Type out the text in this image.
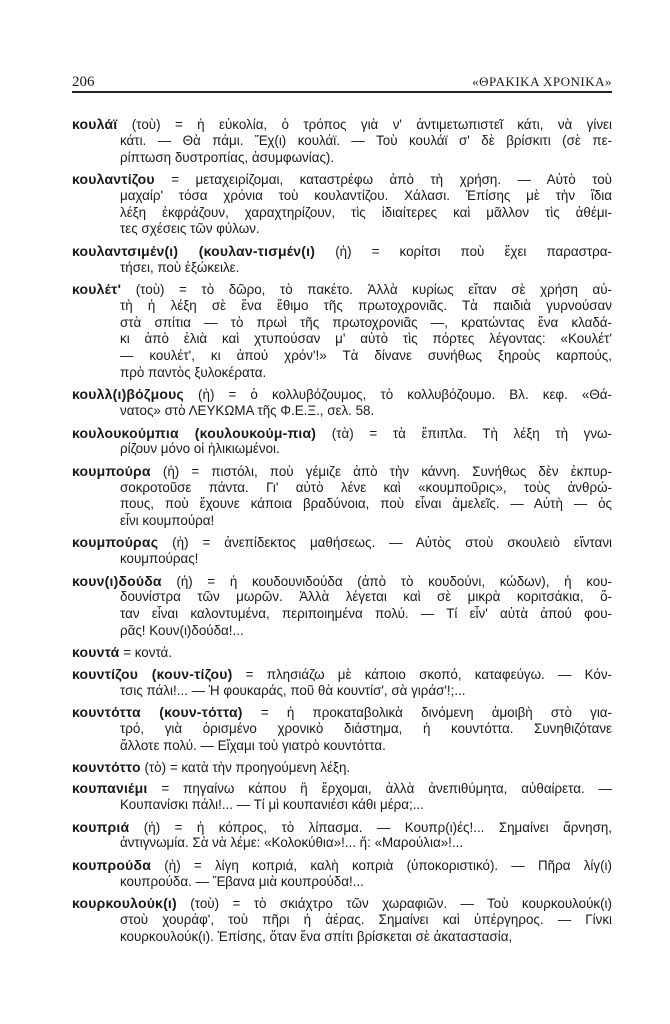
206	«ΘΡΑΚΙΚΑ ΧΡΟΝΙΚΑ»
κουλάϊ (τοὺ) = ἡ εὐκολία, ὁ τρόπος γιὰ ν' ἀντιμετωπιστεῖ κάτι, νὰ γίνει
κάτι. — Θὰ πάμι. Ἔχ(ι) κουλάϊ. — Τοὺ κουλάϊ σ' δὲ βρίσκιτι (σὲ πε-
ρίπτωση δυστροπίας, ἀσυμφωνίας).
κουλαντίζου = μεταχειρίζομαι, καταστρέφω ἀπὸ τὴ χρήση. — Αὐτὸ τοὺ
μαχαίρ' τόσα χρόνια τοὺ κουλαντίζου. Χάλασι. Ἐπίσης μὲ τὴν ἴδια
λέξη ἐκφράζουν, χαραχτηρίζουν, τὶς ἰδιαίτερες καὶ μᾶλλον τὶς ἀθέμι-
τες σχέσεις τῶν φύλων.
κουλαντσιμέν(ι) (κουλαν-τισμέν(ι) (ἡ) = κορίτσι ποὺ ἔχει παραστρα-
τήσει, ποὺ ἐξώκειλε.
κουλέτ' (τοὺ) = τὸ δῶρο, τὸ πακέτο. Ἀλλὰ κυρίως εἴταν σὲ χρήση αὐ-
τὴ ἡ λέξη σὲ ἕνα ἔθιμο τῆς πρωτοχρονιᾶς. Τὰ παιδιὰ γυρνούσαν
στὰ σπίτια — τὸ πρωὶ τῆς πρωτοχρονιᾶς —, κρατώντας ἕνα κλαδά-
κι ἀπὸ ἐλιὰ καὶ χτυπούσαν μ' αὐτὸ τὶς πόρτες λέγοντας: «Κουλέτ'
— κουλέτ', κι ἀπού χρόν'!» Τὰ δίνανε συνήθως ξηροὺς καρπούς,
πρὸ παντὸς ξυλοκέρατα.
κουλλ(ι)βόζμους (ἡ) = ὁ κολλυβόζουμος, τὸ κολλυβόζουμο. Βλ. κεφ. «Θά-
νατος» στὸ ΛΕΥΚΩΜΑ τῆς Φ.Ε.Ξ., σελ. 58.
κουλουκούμπια (κουλουκούμ-πια) (τὰ) = τὰ ἔπιπλα. Τὴ λέξη τὴ γνω-
ρίζουν μόνο οἱ ἡλικιωμένοι.
κουμπούρα (ἡ) = πιστόλι, ποὺ γέμιζε ἀπὸ τὴν κάννη. Συνήθως δὲν ἐκπυρ-
σοκροτοῦσε πάντα. Γι' αὐτὸ λένε καὶ «κουμποῦρις», τοὺς ἀνθρώ-
πους, ποὺ ἔχουνε κάποια βραδύνοια, ποὺ εἶναι ἀμελεῖς. — Αὐτὴ — ὀς
εἶνι κουμπούρα!
κουμπούρας (ἡ) = ἀνεπίδεκτος μαθήσεως. — Αὐτὸς στοὺ σκουλειὸ εἴντανι
κουμπούρας!
κουν(ι)δούδα (ἡ) = ἡ κουδουνιδούδα (ἀπὸ τὸ κουδούνι, κώδων), ἡ κου-
δουνίστρα τῶν μωρῶν. Ἀλλὰ λέγεται καὶ σὲ μικρὰ κοριτσάκια, ὅ-
ταν εἶναι καλοντυμένα, περιποιημένα πολύ. — Τί εἶν' αὐτὰ ἀπού φου-
ρᾶς! Κουν(ι)δούδα!...
κουντά = κοντά.
κουντίζου (κουν-τίζου) = πλησιάζω μὲ κάποιο σκοπό, καταφεύγω. — Κόν-
τσις πάλι!... — Ἡ φουκαράς, ποῦ θὰ κουντίσ', σὰ γιράσ'!;...
κουντόττα (κουν-τόττα) = ἡ προκαταβολικὰ δινόμενη ἀμοιβὴ στὸ για-
τρό, γιὰ ὁρισμένο χρονικὸ διάστημα, ἡ κουντόττα. Συνηθιζότανε
ἄλλοτε πολύ. — Εἴχαμι τοὺ γιατρὸ κουντόττα.
κουντόττο (τὸ) = κατὰ τὴν προηγούμενη λέξη.
κουπανιέμι = πηγαίνω κάπου ἢ ἔρχομαι, ἀλλὰ ἀνεπιθύμητα, αὐθαίρετα. —
Κουπανίσκι πάλι!... — Τί μὶ κουπανιέσι κάθι μέρα;...
κουπριά (ἡ) = ἡ κόπρος, τὸ λίπασμα. — Κουπρ(ι)ές!... Σημαίνει ἄρνηση,
ἀντιγνωμία. Σὰ νὰ λέμε: «Κολοκύθια»!... ἤ: «Μαρούλια»!...
κουπρούδα (ἡ) = λίγη κοπριά, καλὴ κοπριὰ (ὑποκοριστικό). — Πῆρα λίγ(ι)
κουπρούδα. — Ἔβανα μιὰ κουπρούδα!...
κουρκουλούκ(ι) (τοὺ) = τὸ σκιάχτρο τῶν χωραφιῶν. — Τοὺ κουρκουλούκ(ι)
στοὺ χουράφ', τοὺ πῆρι ἡ ἀέρας. Σημαίνει καὶ ὑπέργηρος. — Γίνκι
κουρκουλούκ(ι). Ἐπίσης, ὅταν ἕνα σπίτι βρίσκεται σὲ ἀκαταστασία,
